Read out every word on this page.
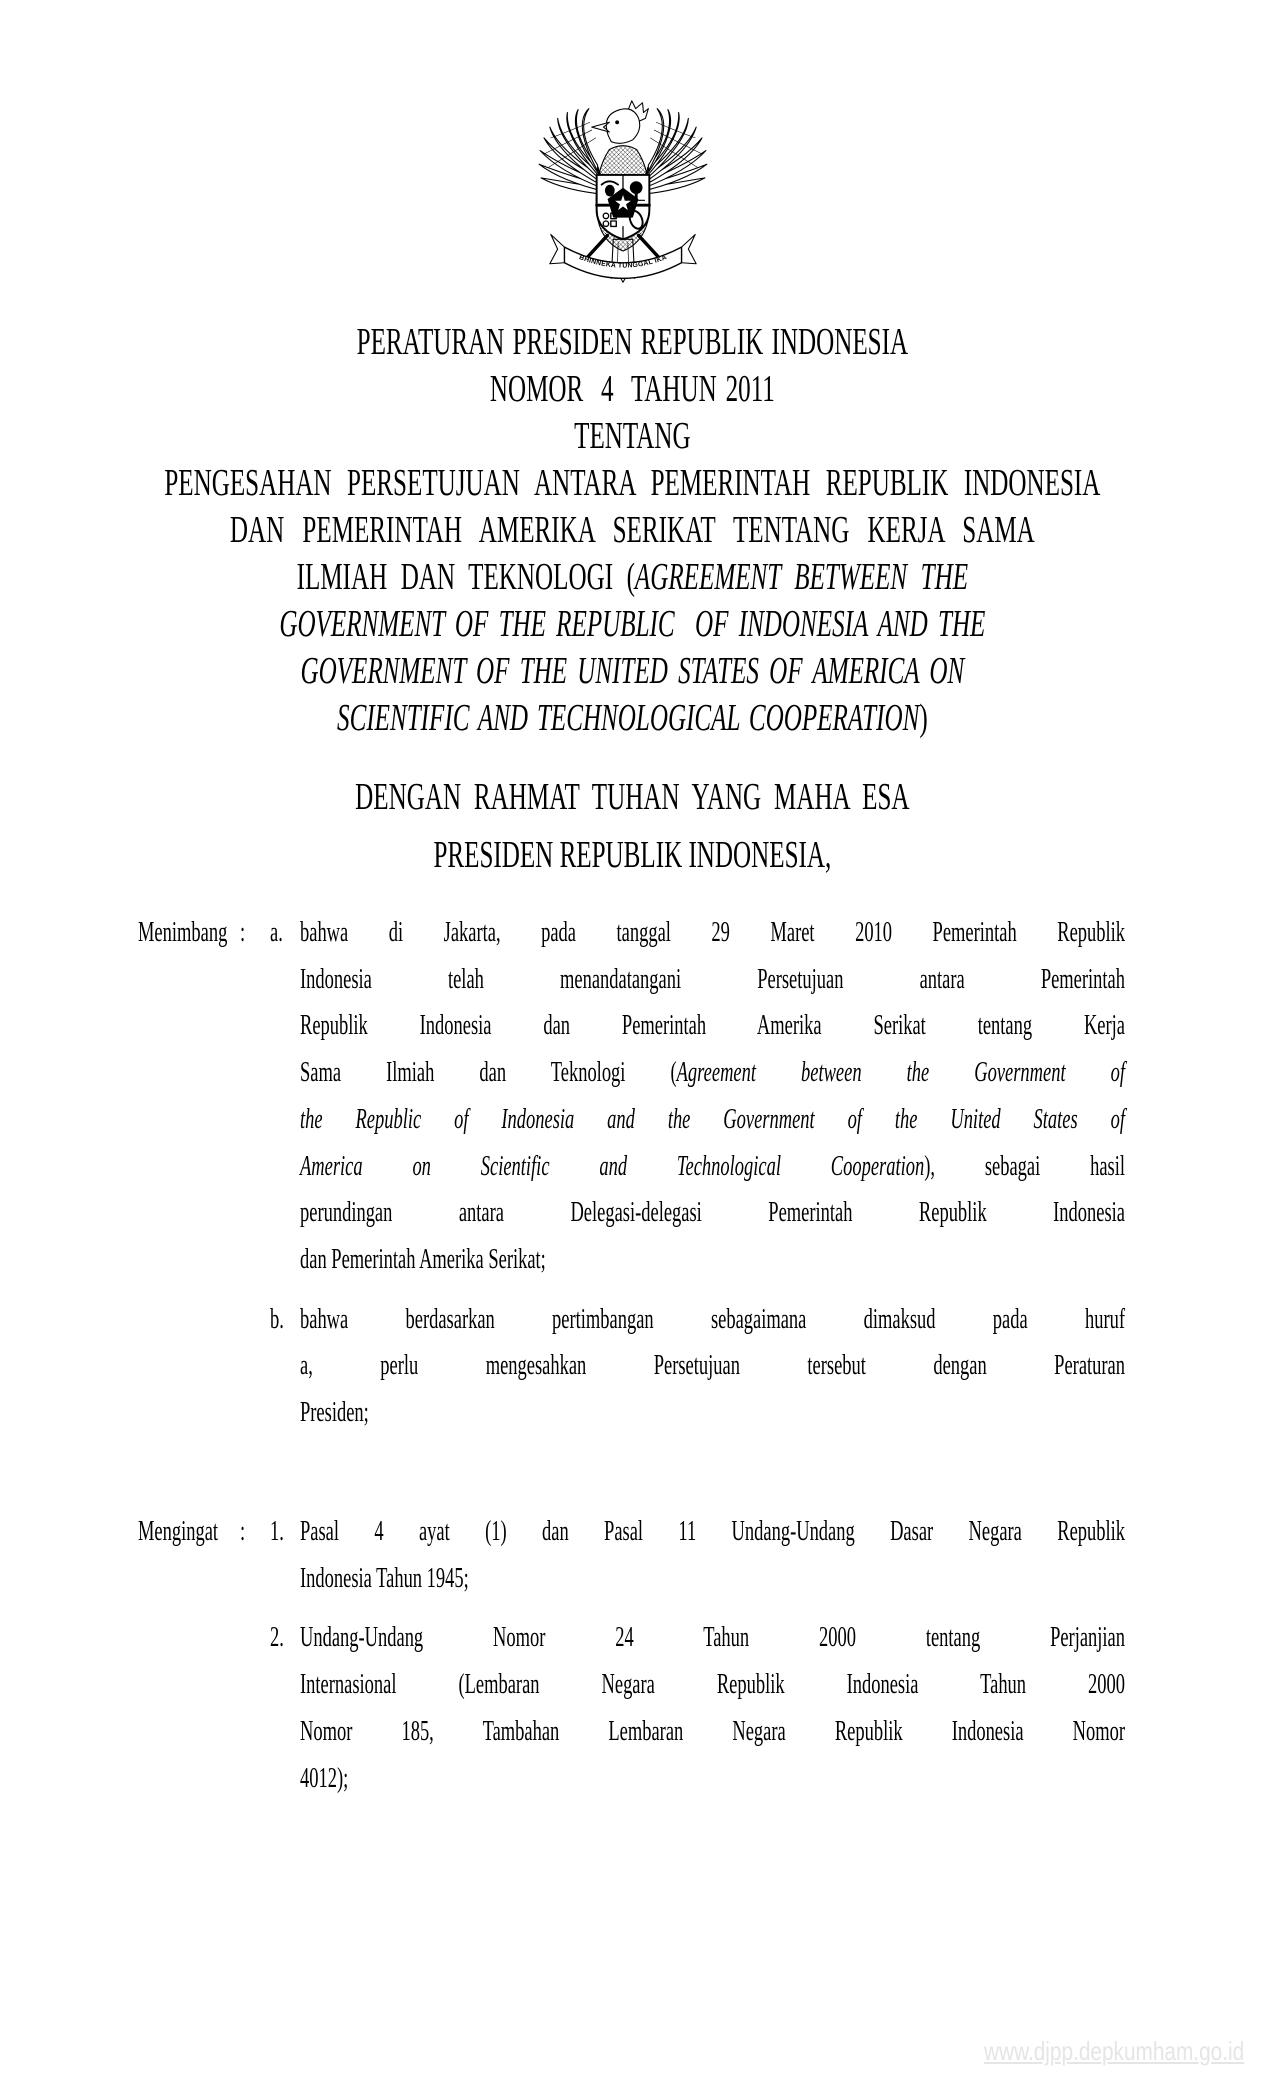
BHINNEKA TUNGGAL IKA
PERATURAN PRESIDEN REPUBLIK INDONESIA
NOMOR  4  TAHUN 2011
TENTANG
PENGESAHAN PERSETUJUAN ANTARA PEMERINTAH REPUBLIK INDONESIA
DAN PEMERINTAH AMERIKA SERIKAT TENTANG KERJA SAMA
ILMIAH DAN TEKNOLOGI (AGREEMENT BETWEEN THE
GOVERNMENT OF THE REPUBLIC  OF INDONESIA AND THE
GOVERNMENT OF THE UNITED STATES OF AMERICA ON
SCIENTIFIC AND TECHNOLOGICAL COOPERATION)
DENGAN RAHMAT TUHAN YANG MAHA ESA
PRESIDEN REPUBLIK INDONESIA,
Menimbang : a. bahwa di Jakarta, pada tanggal 29 Maret 2010 Pemerintah Republik
Indonesia telah menandatangani Persetujuan antara Pemerintah
Republik Indonesia dan Pemerintah Amerika Serikat tentang Kerja
Sama Ilmiah dan Teknologi (Agreement between the Government of
the Republic of Indonesia and the Government of the United States of
America on Scientific and Technological Cooperation), sebagai hasil
perundingan antara Delegasi-delegasi Pemerintah Republik Indonesia
dan Pemerintah Amerika Serikat;
b. bahwa berdasarkan pertimbangan sebagaimana dimaksud pada huruf
a, perlu mengesahkan Persetujuan tersebut dengan Peraturan
Presiden;
Mengingat : 1. Pasal 4 ayat (1) dan Pasal 11 Undang-Undang Dasar Negara Republik
Indonesia Tahun 1945;
2. Undang-Undang Nomor 24 Tahun 2000 tentang Perjanjian
Internasional (Lembaran Negara Republik Indonesia Tahun 2000
Nomor 185, Tambahan Lembaran Negara Republik Indonesia Nomor
4012);
www.djpp.depkumham.go.id
